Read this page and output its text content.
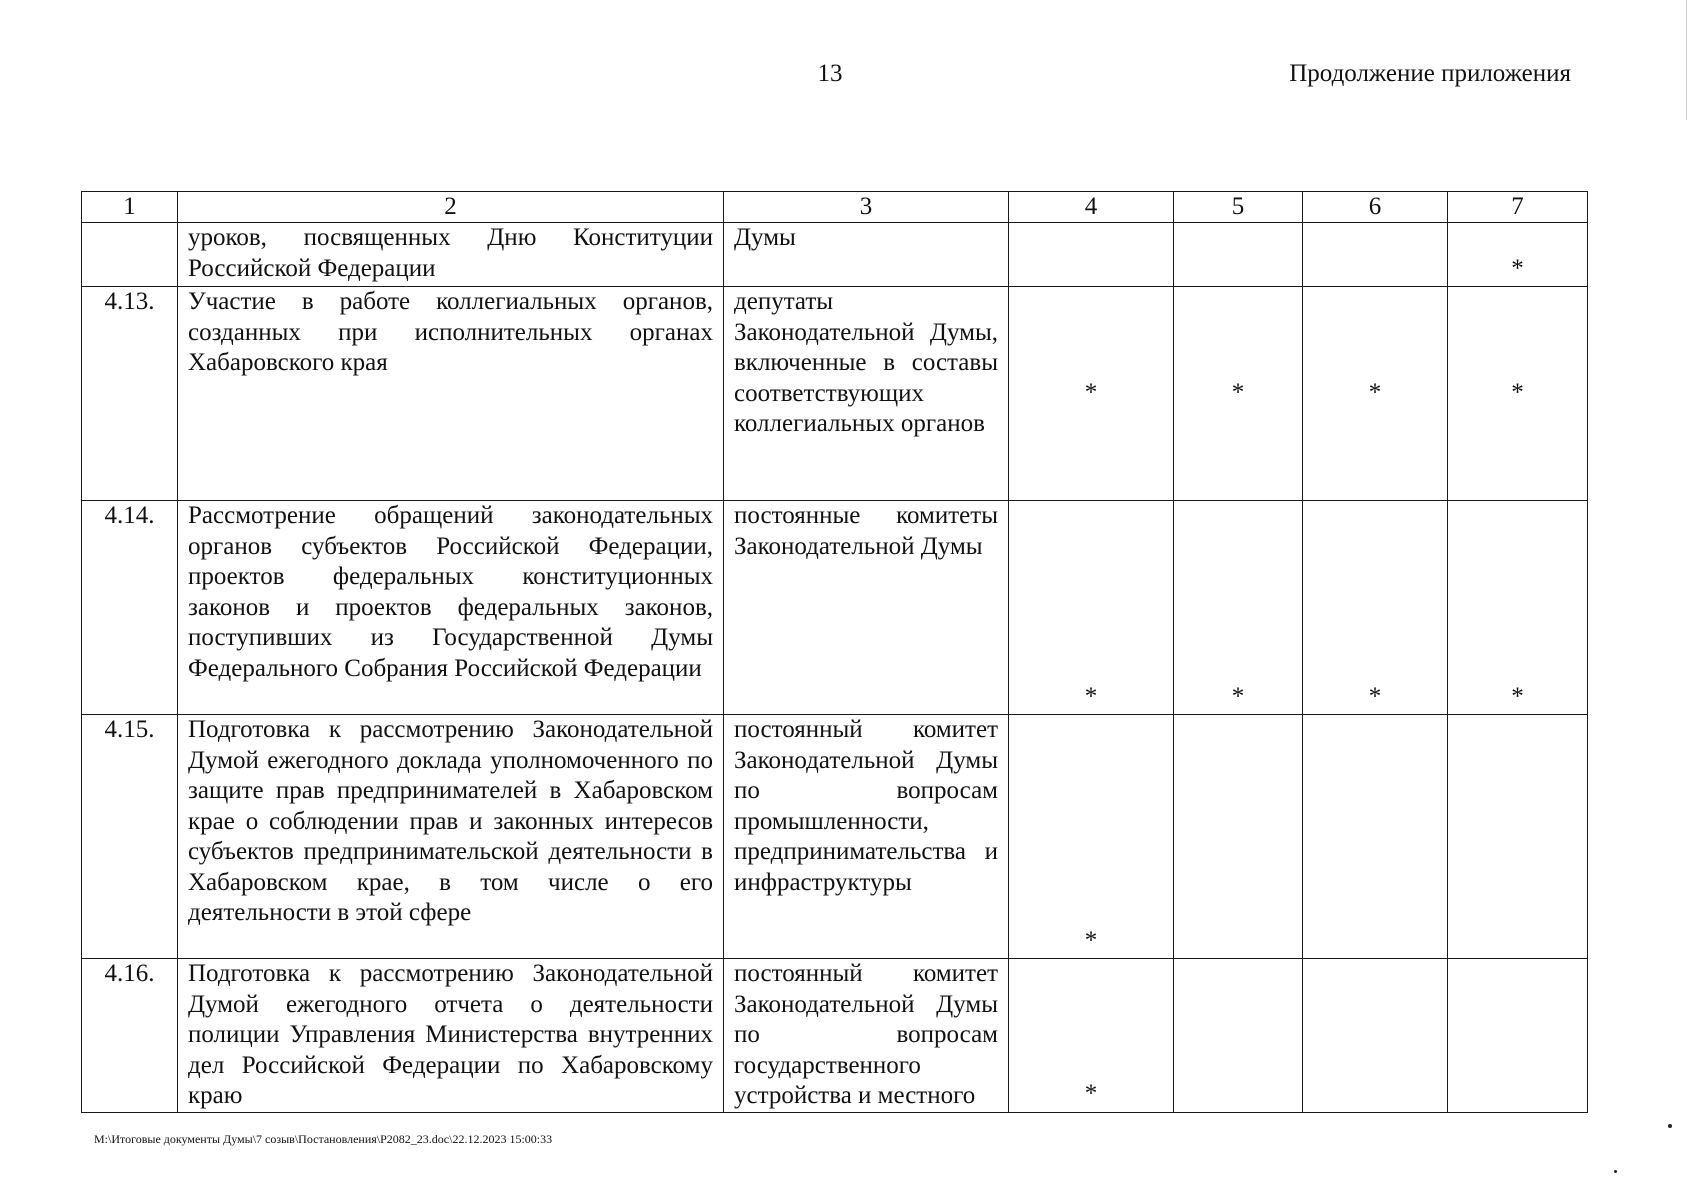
13	Продолжение приложения
1	2	3	4	5	6	7
	уроков, посвященных Дню Конституции Российской Федерации	Думы				*
4.13.	Участие в работе коллегиальных органов, созданных при исполнительных органах Хабаровского края	депутаты Законодательной Думы, включенные в составы соответствующих коллегиальных органов	*	*	*	*
4.14.	Рассмотрение обращений законодательных органов субъектов Российской Федерации, проектов федеральных конституционных законов и проектов федеральных законов, поступивших из Государственной Думы Федерального Собрания Российской Федерации	постоянные комитеты Законодательной Думы	*	*	*	*
4.15.	Подготовка к рассмотрению Законодательной Думой ежегодного доклада уполномоченного по защите прав предпринимателей в Хабаровском крае о соблюдении прав и законных интересов субъектов предпринимательской деятельности в Хабаровском крае, в том числе о его деятельности в этой сфере	постоянный комитет Законодательной Думы по вопросам промышленности, предпринимательства и инфраструктуры	*			
4.16.	Подготовка к рассмотрению Законодательной Думой ежегодного отчета о деятельности полиции Управления Министерства внутренних дел Российской Федерации по Хабаровскому краю	постоянный комитет Законодательной Думы по вопросам государственного устройства и местного	*			
M:\Итоговые документы Думы\7 созыв\Постановления\P2082_23.doc\22.12.2023 15:00:33
